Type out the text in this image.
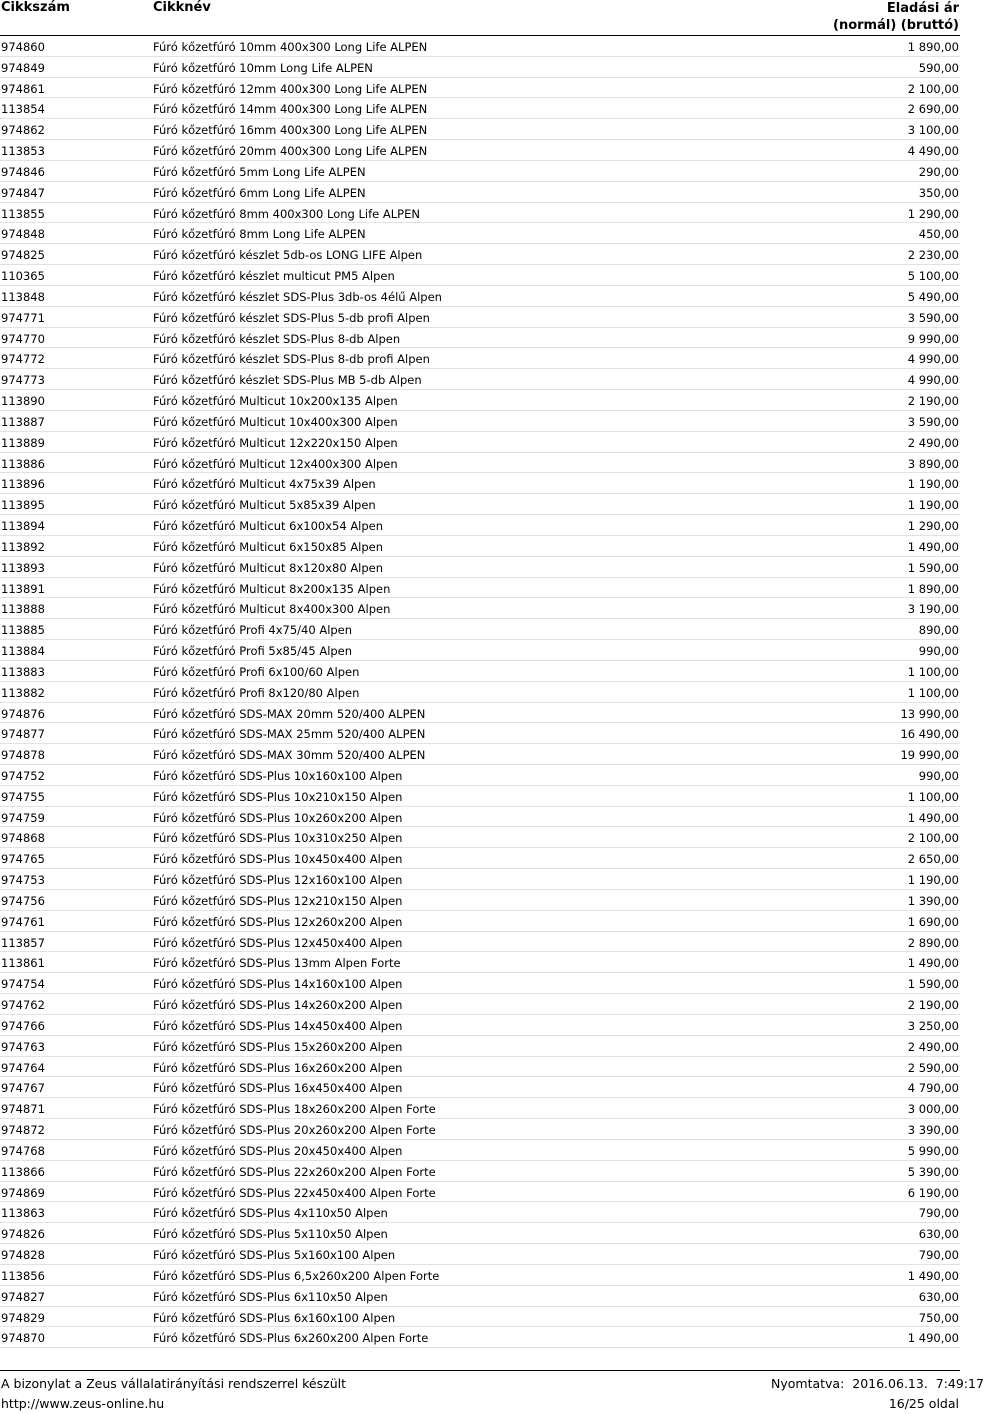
Cikkszám	Cikknév	Eladási ár
(normál) (bruttó)
974860	Fúró kőzetfúró 10mm 400x300 Long Life ALPEN	1 890,00
974849	Fúró kőzetfúró 10mm Long Life ALPEN	590,00
974861	Fúró kőzetfúró 12mm 400x300 Long Life ALPEN	2 100,00
113854	Fúró kőzetfúró 14mm 400x300 Long Life ALPEN	2 690,00
974862	Fúró kőzetfúró 16mm 400x300 Long Life ALPEN	3 100,00
113853	Fúró kőzetfúró 20mm 400x300 Long Life ALPEN	4 490,00
974846	Fúró kőzetfúró 5mm Long Life ALPEN	290,00
974847	Fúró kőzetfúró 6mm Long Life ALPEN	350,00
113855	Fúró kőzetfúró 8mm 400x300 Long Life ALPEN	1 290,00
974848	Fúró kőzetfúró 8mm Long Life ALPEN	450,00
974825	Fúró kőzetfúró készlet 5db-os LONG LIFE Alpen	2 230,00
110365	Fúró kőzetfúró készlet multicut PM5 Alpen	5 100,00
113848	Fúró kőzetfúró készlet SDS-Plus 3db-os 4élű Alpen	5 490,00
974771	Fúró kőzetfúró készlet SDS-Plus 5-db profi Alpen	3 590,00
974770	Fúró kőzetfúró készlet SDS-Plus 8-db Alpen	9 990,00
974772	Fúró kőzetfúró készlet SDS-Plus 8-db profi Alpen	4 990,00
974773	Fúró kőzetfúró készlet SDS-Plus MB 5-db Alpen	4 990,00
113890	Fúró kőzetfúró Multicut 10x200x135 Alpen	2 190,00
113887	Fúró kőzetfúró Multicut 10x400x300 Alpen	3 590,00
113889	Fúró kőzetfúró Multicut 12x220x150 Alpen	2 490,00
113886	Fúró kőzetfúró Multicut 12x400x300 Alpen	3 890,00
113896	Fúró kőzetfúró Multicut 4x75x39 Alpen	1 190,00
113895	Fúró kőzetfúró Multicut 5x85x39 Alpen	1 190,00
113894	Fúró kőzetfúró Multicut 6x100x54 Alpen	1 290,00
113892	Fúró kőzetfúró Multicut 6x150x85 Alpen	1 490,00
113893	Fúró kőzetfúró Multicut 8x120x80 Alpen	1 590,00
113891	Fúró kőzetfúró Multicut 8x200x135 Alpen	1 890,00
113888	Fúró kőzetfúró Multicut 8x400x300 Alpen	3 190,00
113885	Fúró kőzetfúró Profi 4x75/40 Alpen	890,00
113884	Fúró kőzetfúró Profi 5x85/45 Alpen	990,00
113883	Fúró kőzetfúró Profi 6x100/60 Alpen	1 100,00
113882	Fúró kőzetfúró Profi 8x120/80 Alpen	1 100,00
974876	Fúró kőzetfúró SDS-MAX 20mm 520/400 ALPEN	13 990,00
974877	Fúró kőzetfúró SDS-MAX 25mm 520/400 ALPEN	16 490,00
974878	Fúró kőzetfúró SDS-MAX 30mm 520/400 ALPEN	19 990,00
974752	Fúró kőzetfúró SDS-Plus 10x160x100 Alpen	990,00
974755	Fúró kőzetfúró SDS-Plus 10x210x150 Alpen	1 100,00
974759	Fúró kőzetfúró SDS-Plus 10x260x200 Alpen	1 490,00
974868	Fúró kőzetfúró SDS-Plus 10x310x250 Alpen	2 100,00
974765	Fúró kőzetfúró SDS-Plus 10x450x400 Alpen	2 650,00
974753	Fúró kőzetfúró SDS-Plus 12x160x100 Alpen	1 190,00
974756	Fúró kőzetfúró SDS-Plus 12x210x150 Alpen	1 390,00
974761	Fúró kőzetfúró SDS-Plus 12x260x200 Alpen	1 690,00
113857	Fúró kőzetfúró SDS-Plus 12x450x400 Alpen	2 890,00
113861	Fúró kőzetfúró SDS-Plus 13mm Alpen Forte	1 490,00
974754	Fúró kőzetfúró SDS-Plus 14x160x100 Alpen	1 590,00
974762	Fúró kőzetfúró SDS-Plus 14x260x200 Alpen	2 190,00
974766	Fúró kőzetfúró SDS-Plus 14x450x400 Alpen	3 250,00
974763	Fúró kőzetfúró SDS-Plus 15x260x200 Alpen	2 490,00
974764	Fúró kőzetfúró SDS-Plus 16x260x200 Alpen	2 590,00
974767	Fúró kőzetfúró SDS-Plus 16x450x400 Alpen	4 790,00
974871	Fúró kőzetfúró SDS-Plus 18x260x200 Alpen Forte	3 000,00
974872	Fúró kőzetfúró SDS-Plus 20x260x200 Alpen Forte	3 390,00
974768	Fúró kőzetfúró SDS-Plus 20x450x400 Alpen	5 990,00
113866	Fúró kőzetfúró SDS-Plus 22x260x200 Alpen Forte	5 390,00
974869	Fúró kőzetfúró SDS-Plus 22x450x400 Alpen Forte	6 190,00
113863	Fúró kőzetfúró SDS-Plus 4x110x50 Alpen	790,00
974826	Fúró kőzetfúró SDS-Plus 5x110x50 Alpen	630,00
974828	Fúró kőzetfúró SDS-Plus 5x160x100 Alpen	790,00
113856	Fúró kőzetfúró SDS-Plus 6,5x260x200 Alpen Forte	1 490,00
974827	Fúró kőzetfúró SDS-Plus 6x110x50 Alpen	630,00
974829	Fúró kőzetfúró SDS-Plus 6x160x100 Alpen	750,00
974870	Fúró kőzetfúró SDS-Plus 6x260x200 Alpen Forte	1 490,00
A bizonylat a Zeus vállalatirányítási rendszerrel készült
http://www.zeus-online.hu
Nyomtatva:  2016.06.13.  7:49:17
16/25 oldal
